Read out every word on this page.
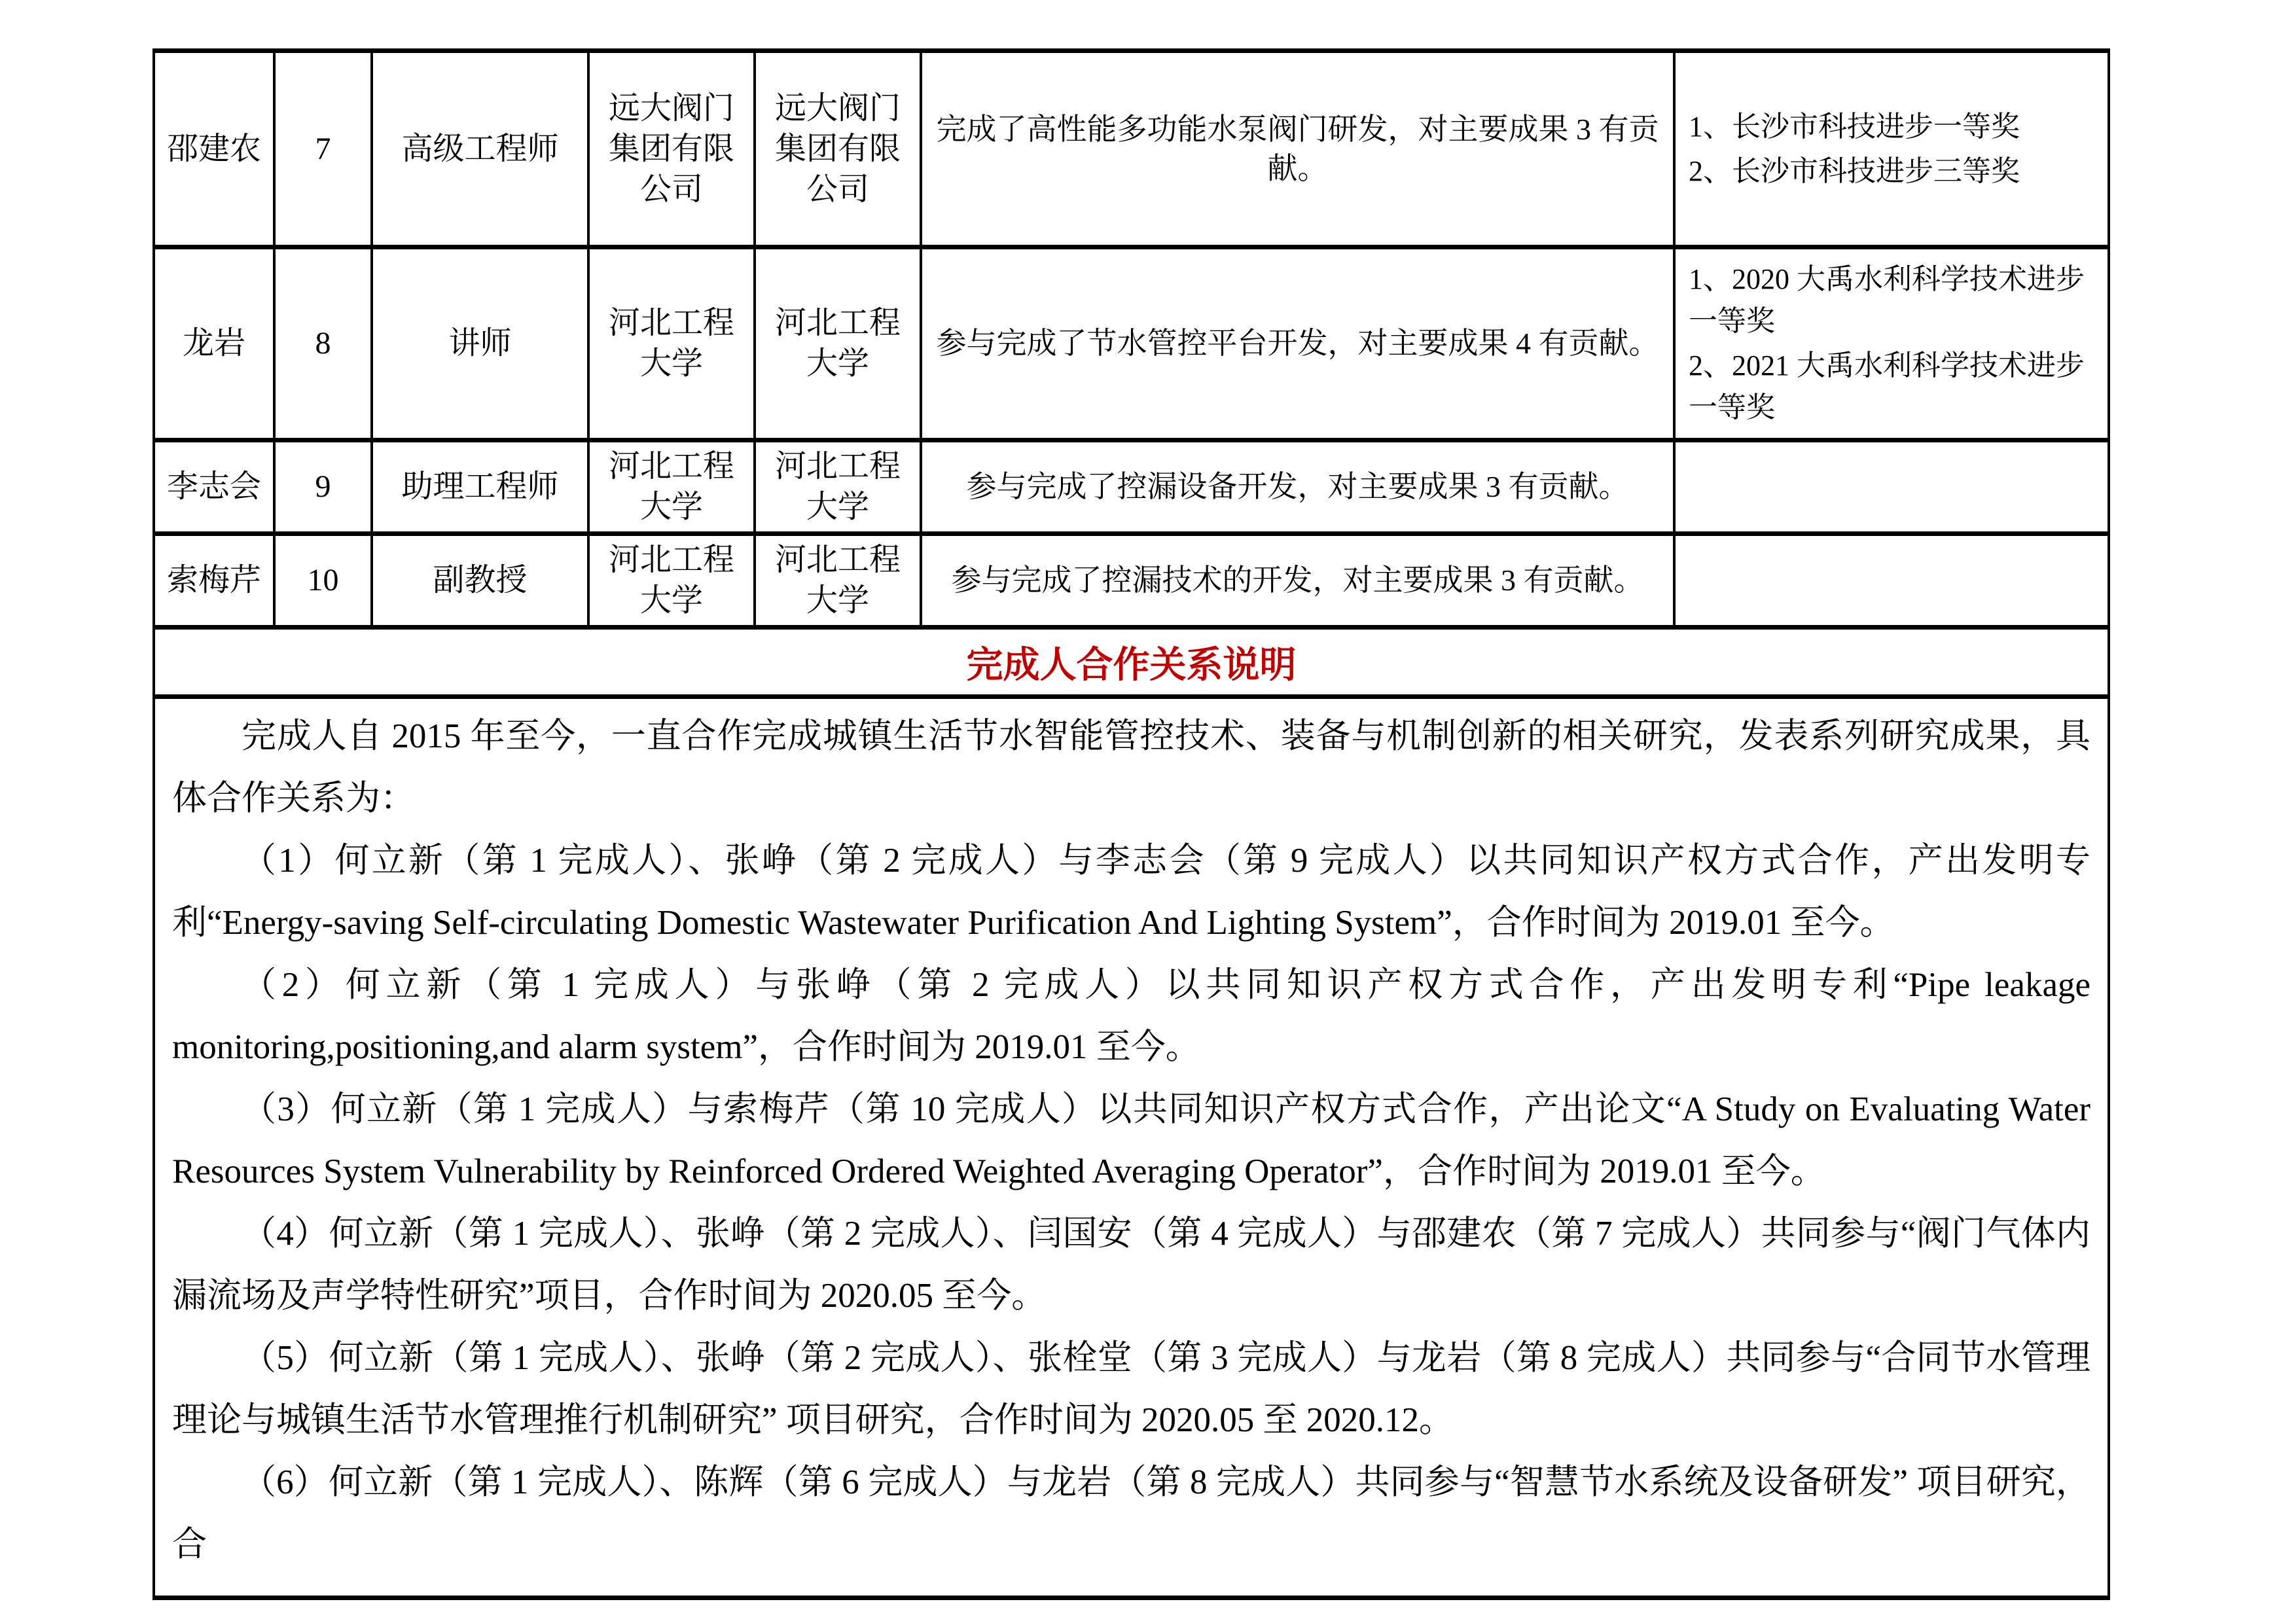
邵建农	7	高级工程师	远大阀门集团有限公司	远大阀门集团有限公司	完成了高性能多功能水泵阀门研发，对主要成果 3 有贡献。	1、长沙市科技进步一等奖
2、长沙市科技进步三等奖

龙岩	8	讲师	河北工程大学	河北工程大学	参与完成了节水管控平台开发，对主要成果 4 有贡献。	1、2020 大禹水利科学技术进步一等奖
2、2021 大禹水利科学技术进步一等奖

李志会	9	助理工程师	河北工程大学	河北工程大学	参与完成了控漏设备开发，对主要成果 3 有贡献。	
索梅芹	10	副教授	河北工程大学	河北工程大学	参与完成了控漏技术的开发，对主要成果 3 有贡献。	
完成人合作关系说明						

完成人自 2015 年至今，一直合作完成城镇生活节水智能管控技术、装备与机制创新的相关研究，发表系列研究成果，具体合作关系为：

（1）何立新（第 1 完成人）、张峥（第 2 完成人）与李志会（第 9 完成人）以共同知识产权方式合作，产出发明专利“Energy-saving Self-circulating Domestic Wastewater Purification And Lighting System”，合作时间为 2019.01 至今。

（2）何立新（第 1 完成人）与张峥（第 2 完成人）以共同知识产权方式合作，产出发明专利“Pipe leakage monitoring,positioning,and alarm system”，合作时间为 2019.01 至今。

（3）何立新（第 1 完成人）与索梅芹（第 10 完成人）以共同知识产权方式合作，产出论文“A Study on Evaluating Water Resources System Vulnerability by Reinforced Ordered Weighted Averaging Operator”，合作时间为 2019.01 至今。

（4）何立新（第 1 完成人）、张峥（第 2 完成人）、闫国安（第 4 完成人）与邵建农（第 7 完成人）共同参与“阀门气体内漏流场及声学特性研究”项目，合作时间为 2020.05 至今。

（5）何立新（第 1 完成人）、张峥（第 2 完成人）、张栓堂（第 3 完成人）与龙岩（第 8 完成人）共同参与“合同节水管理理论与城镇生活节水管理推行机制研究” 项目研究，合作时间为 2020.05 至 2020.12。

（6）何立新（第 1 完成人）、陈辉（第 6 完成人）与龙岩（第 8 完成人）共同参与“智慧节水系统及设备研发” 项目研究，合
